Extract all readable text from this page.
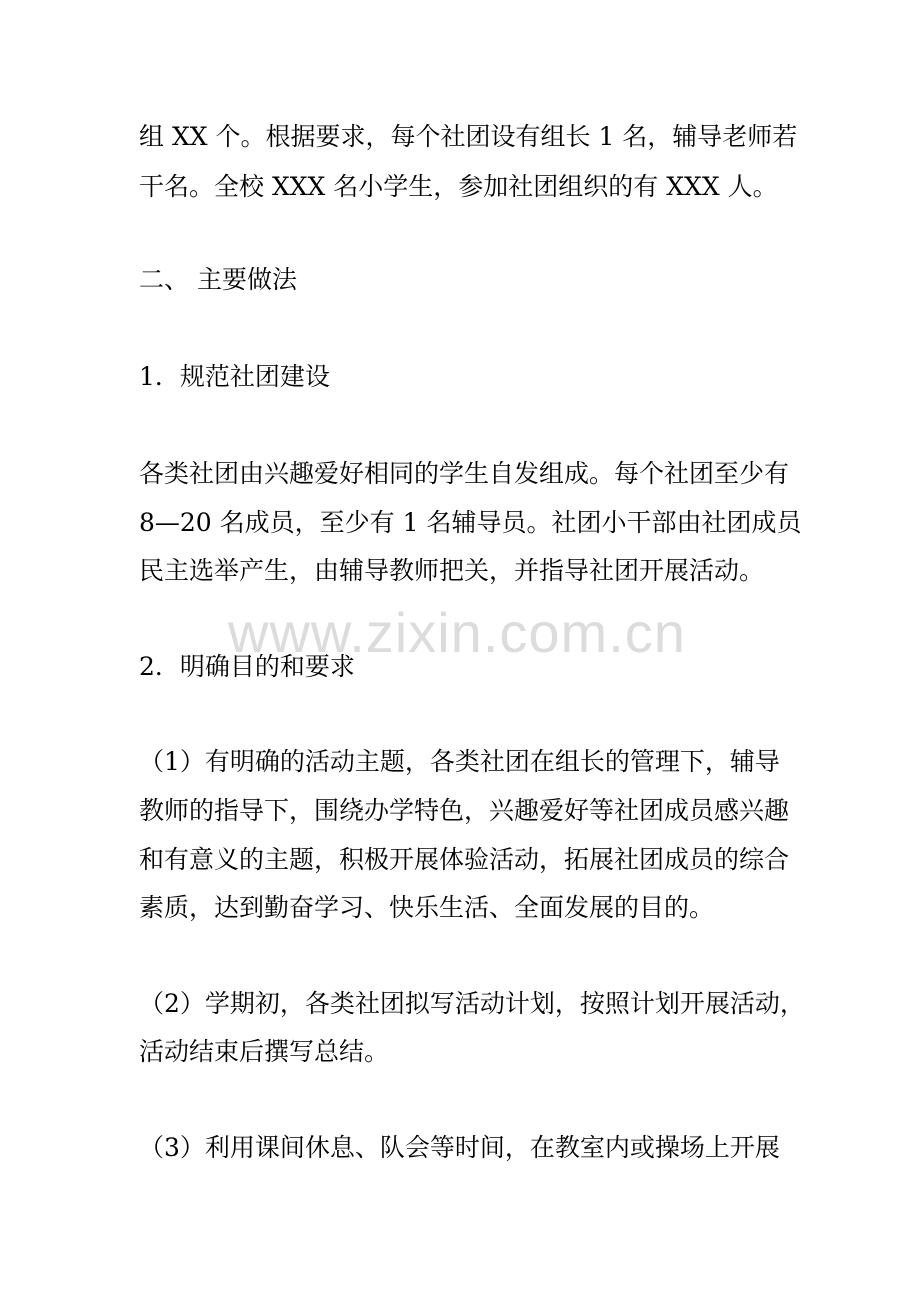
组 XX 个。根据要求，每个社团设有组长 1 名，辅导老师若
干名。全校 XXX 名小学生，参加社团组织的有 XXX 人。
二、 主要做法
1．规范社团建设
各类社团由兴趣爱好相同的学生自发组成。每个社团至少有
8—20 名成员，至少有 1 名辅导员。社团小干部由社团成员
民主选举产生，由辅导教师把关，并指导社团开展活动。
2．明确目的和要求
（1）有明确的活动主题，各类社团在组长的管理下，辅导
教师的指导下，围绕办学特色，兴趣爱好等社团成员感兴趣
和有意义的主题，积极开展体验活动，拓展社团成员的综合
素质，达到勤奋学习、快乐生活、全面发展的目的。
（2）学期初，各类社团拟写活动计划，按照计划开展活动，
活动结束后撰写总结。
（3）利用课间休息、队会等时间，在教室内或操场上开展
www.zixin.com.cn
